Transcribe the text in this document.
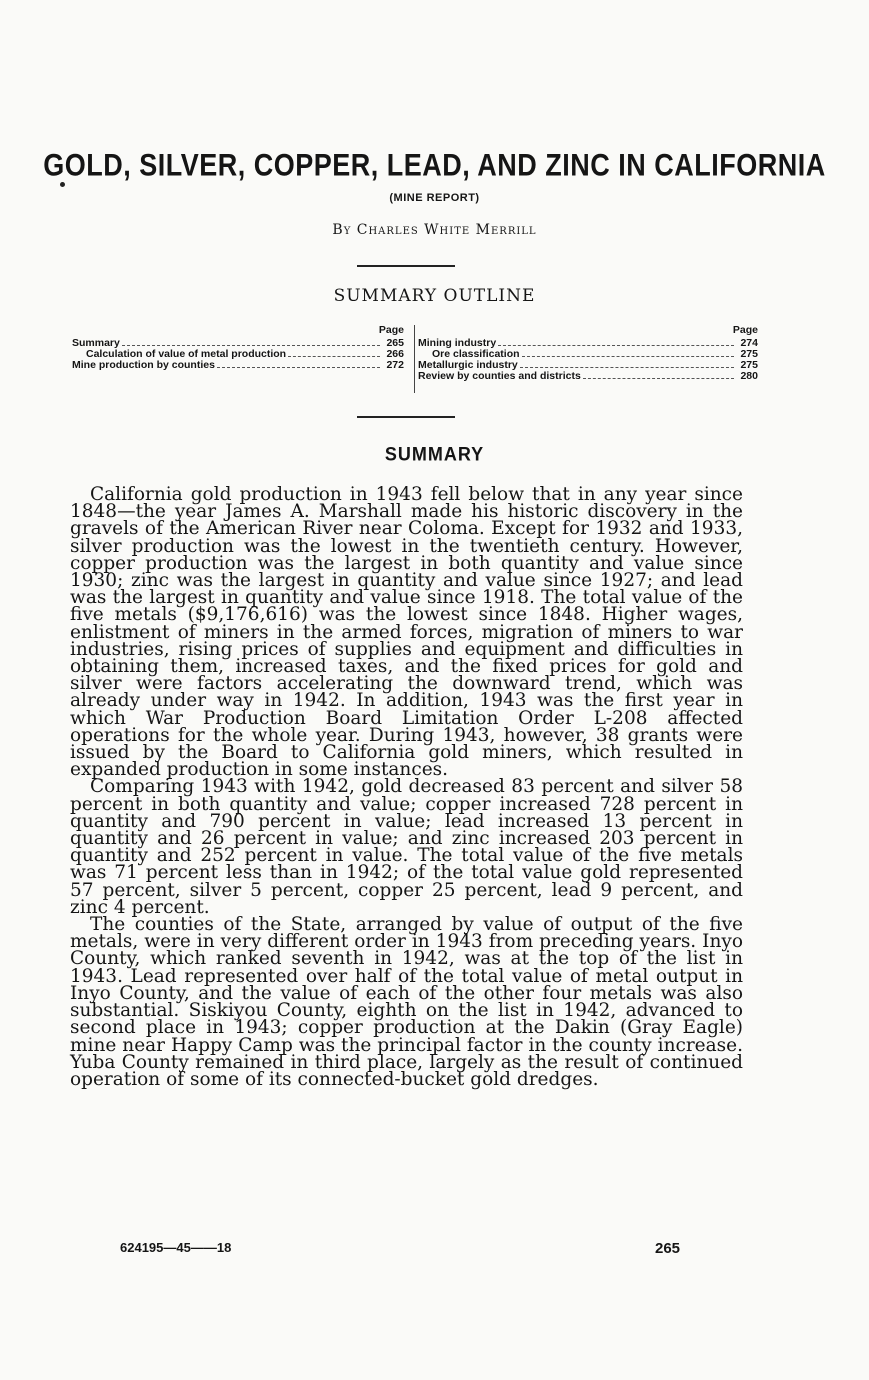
GOLD, SILVER, COPPER, LEAD, AND ZINC IN CALIFORNIA
(MINE REPORT)
By Charles White Merrill
SUMMARY OUTLINE
Page
Summary	265
Calculation of value of metal production	266
Mine production by counties	272
Page
Mining industry	274
Ore classification	275
Metallurgic industry	275
Review by counties and districts	280
SUMMARY

California gold production in 1943 fell below that in any year since 1848—the year James A. Marshall made his historic discovery in the gravels of the American River near Coloma. Except for 1932 and 1933, silver production was the lowest in the twentieth century. However, copper production was the largest in both quantity and value since 1930; zinc was the largest in quantity and value since 1927; and lead was the largest in quantity and value since 1918. The total value of the five metals ($9,176,616) was the lowest since 1848. Higher wages, enlistment of miners in the armed forces, migration of miners to war industries, rising prices of supplies and equipment and difficulties in obtaining them, increased taxes, and the fixed prices for gold and silver were factors accelerating the downward trend, which was already under way in 1942. In addition, 1943 was the first year in which War Production Board Limitation Order L-208 affected operations for the whole year. During 1943, however, 38 grants were issued by the Board to California gold miners, which resulted in expanded production in some instances.

Comparing 1943 with 1942, gold decreased 83 percent and silver 58 percent in both quantity and value; copper increased 728 percent in quantity and 790 percent in value; lead increased 13 percent in quantity and 26 percent in value; and zinc increased 203 percent in quantity and 252 percent in value. The total value of the five metals was 71 percent less than in 1942; of the total value gold represented 57 percent, silver 5 percent, copper 25 percent, lead 9 percent, and zinc 4 percent.

The counties of the State, arranged by value of output of the five metals, were in very different order in 1943 from preceding years. Inyo County, which ranked seventh in 1942, was at the top of the list in 1943. Lead represented over half of the total value of metal output in Inyo County, and the value of each of the other four metals was also substantial. Siskiyou County, eighth on the list in 1942, advanced to second place in 1943; copper production at the Dakin (Gray Eagle) mine near Happy Camp was the principal factor in the county increase. Yuba County remained in third place, largely as the result of continued operation of some of its connected-bucket gold dredges.

624195—45——18	265
